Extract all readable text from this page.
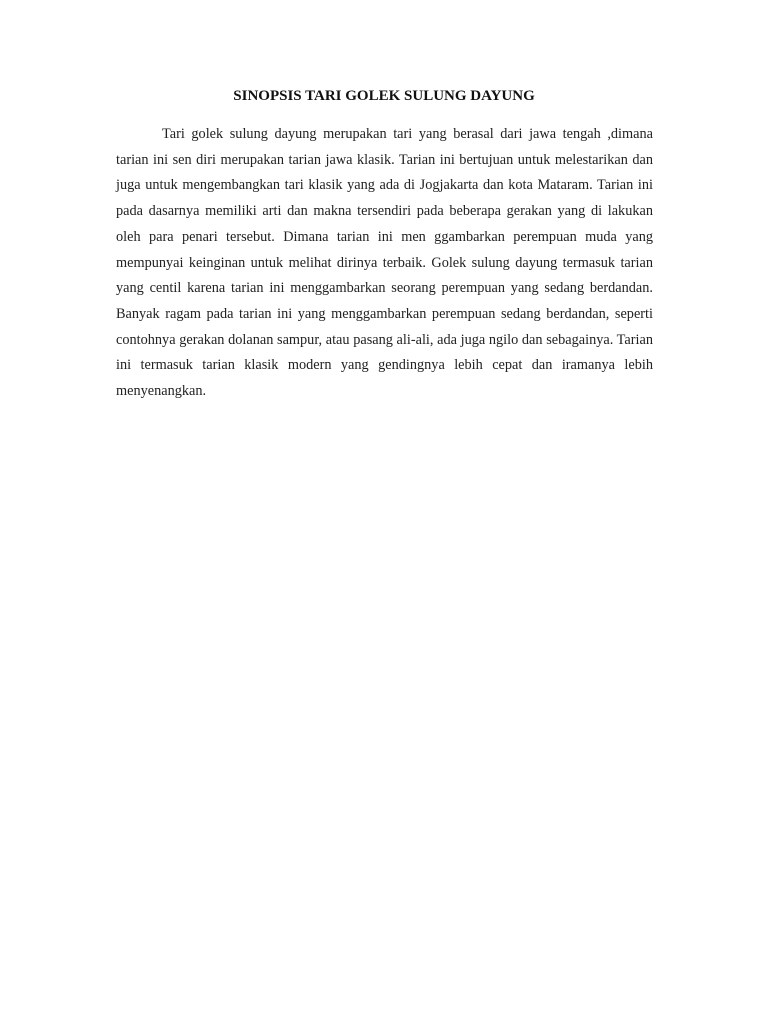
SINOPSIS TARI GOLEK SULUNG DAYUNG

Tari golek sulung dayung merupakan tari yang berasal dari jawa tengah ,dimana tarian ini sen diri merupakan tarian jawa klasik. Tarian ini bertujuan untuk melestarikan dan juga untuk mengembangkan tari klasik yang ada di Jogjakarta dan kota Mataram. Tarian ini pada dasarnya memiliki arti dan makna tersendiri pada beberapa gerakan yang di lakukan oleh para penari tersebut. Dimana tarian ini men ggambarkan perempuan muda yang mempunyai keinginan untuk melihat dirinya terbaik. Golek sulung dayung termasuk tarian yang centil karena tarian ini menggambarkan seorang perempuan yang sedang berdandan. Banyak ragam pada tarian ini yang menggambarkan perempuan sedang berdandan, seperti contohnya gerakan dolanan sampur, atau pasang ali-ali, ada juga ngilo dan sebagainya. Tarian ini termasuk tarian klasik modern yang gendingnya lebih cepat dan iramanya lebih menyenangkan.
